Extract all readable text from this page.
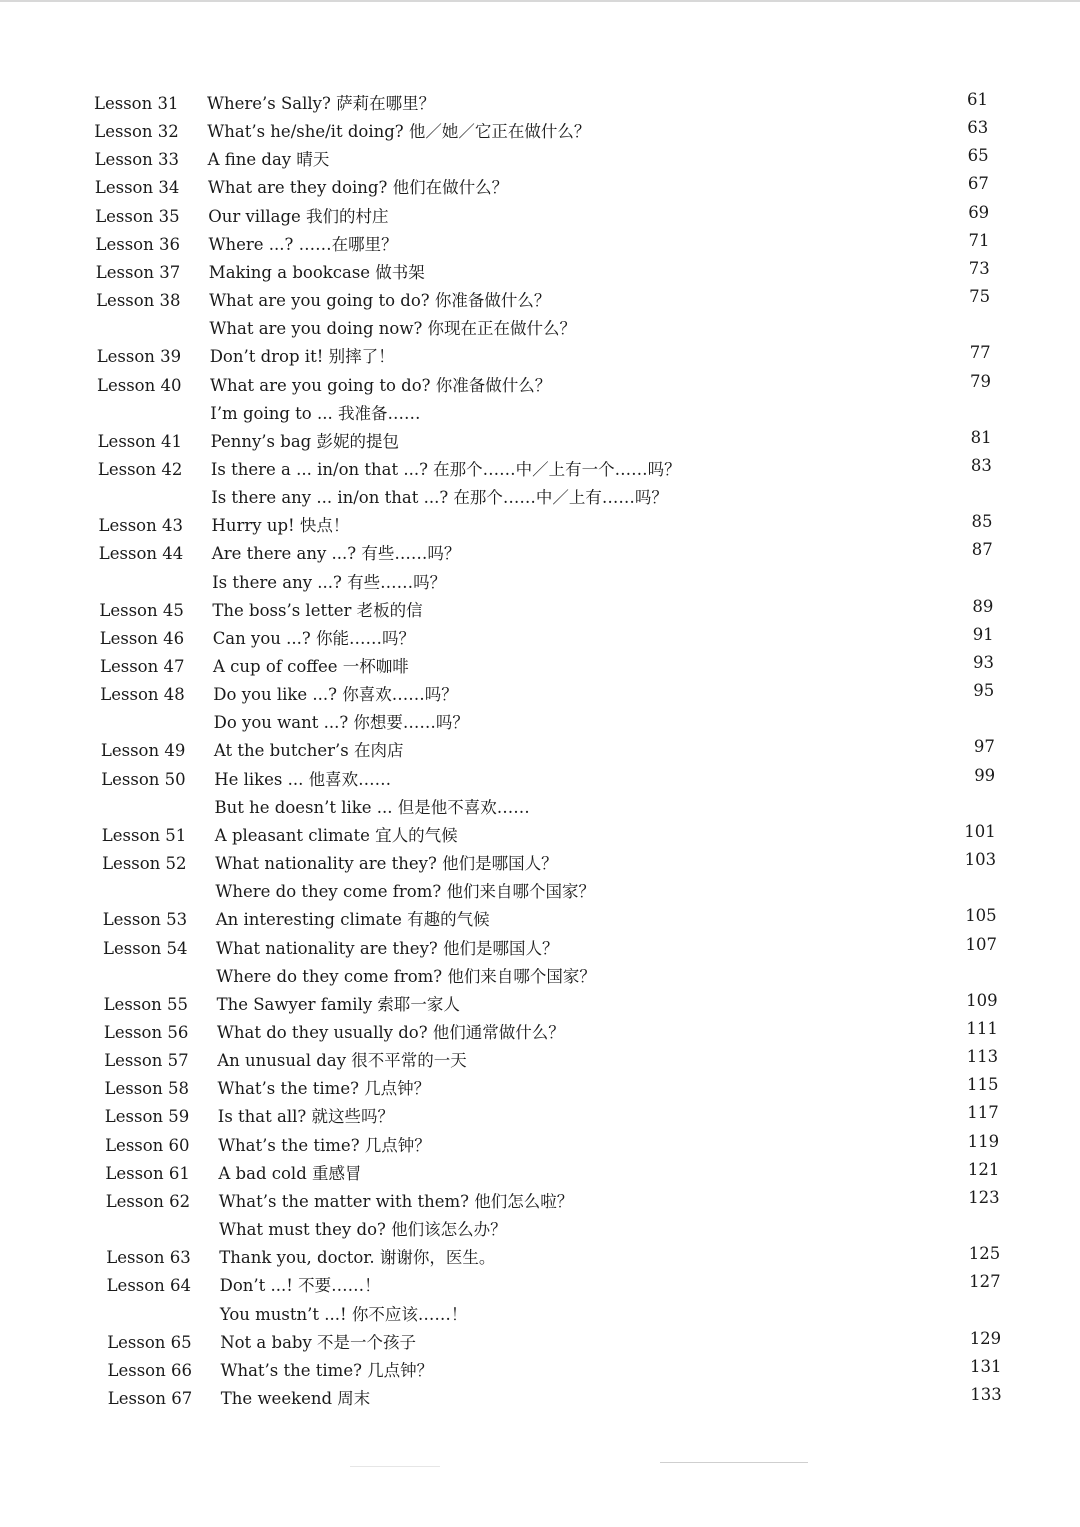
Lesson 31	Where’s Sally? 萨莉在哪里？	61
Lesson 32	What’s he/she/it doing? 他／她／它正在做什么？	63
Lesson 33	A fine day 晴天	65
Lesson 34	What are they doing? 他们在做什么？	67
Lesson 35	Our village 我们的村庄	69
Lesson 36	Where ...? ……在哪里？	71
Lesson 37	Making a bookcase 做书架	73
Lesson 38	What are you going to do? 你准备做什么？	75
What are you doing now? 你现在正在做什么？
Lesson 39	Don’t drop it! 别摔了！	77
Lesson 40	What are you going to do? 你准备做什么？	79
I’m going to ... 我准备……
Lesson 41	Penny’s bag 彭妮的提包	81
Lesson 42	Is there a ... in/on that ...? 在那个……中／上有一个……吗？	83
Is there any ... in/on that ...? 在那个……中／上有……吗？
Lesson 43	Hurry up! 快点！	85
Lesson 44	Are there any ...? 有些……吗？	87
Is there any ...? 有些……吗？
Lesson 45	The boss’s letter 老板的信	89
Lesson 46	Can you ...? 你能……吗？	91
Lesson 47	A cup of coffee 一杯咖啡	93
Lesson 48	Do you like ...? 你喜欢……吗？	95
Do you want ...? 你想要……吗？
Lesson 49	At the butcher’s 在肉店	97
Lesson 50	He likes ... 他喜欢……	99
But he doesn’t like ... 但是他不喜欢……
Lesson 51	A pleasant climate 宜人的气候	101
Lesson 52	What nationality are they? 他们是哪国人？	103
Where do they come from? 他们来自哪个国家？
Lesson 53	An interesting climate 有趣的气候	105
Lesson 54	What nationality are they? 他们是哪国人？	107
Where do they come from? 他们来自哪个国家？
Lesson 55	The Sawyer family 索耶一家人	109
Lesson 56	What do they usually do? 他们通常做什么？	111
Lesson 57	An unusual day 很不平常的一天	113
Lesson 58	What’s the time? 几点钟？	115
Lesson 59	Is that all? 就这些吗？	117
Lesson 60	What’s the time? 几点钟？	119
Lesson 61	A bad cold 重感冒	121
Lesson 62	What’s the matter with them? 他们怎么啦？	123
What must they do? 他们该怎么办？
Lesson 63	Thank you, doctor. 谢谢你，医生。	125
Lesson 64	Don’t ...! 不要……！	127
You mustn’t ...! 你不应该……！
Lesson 65	Not a baby 不是一个孩子	129
Lesson 66	What’s the time? 几点钟？	131
Lesson 67	The weekend 周末	133
